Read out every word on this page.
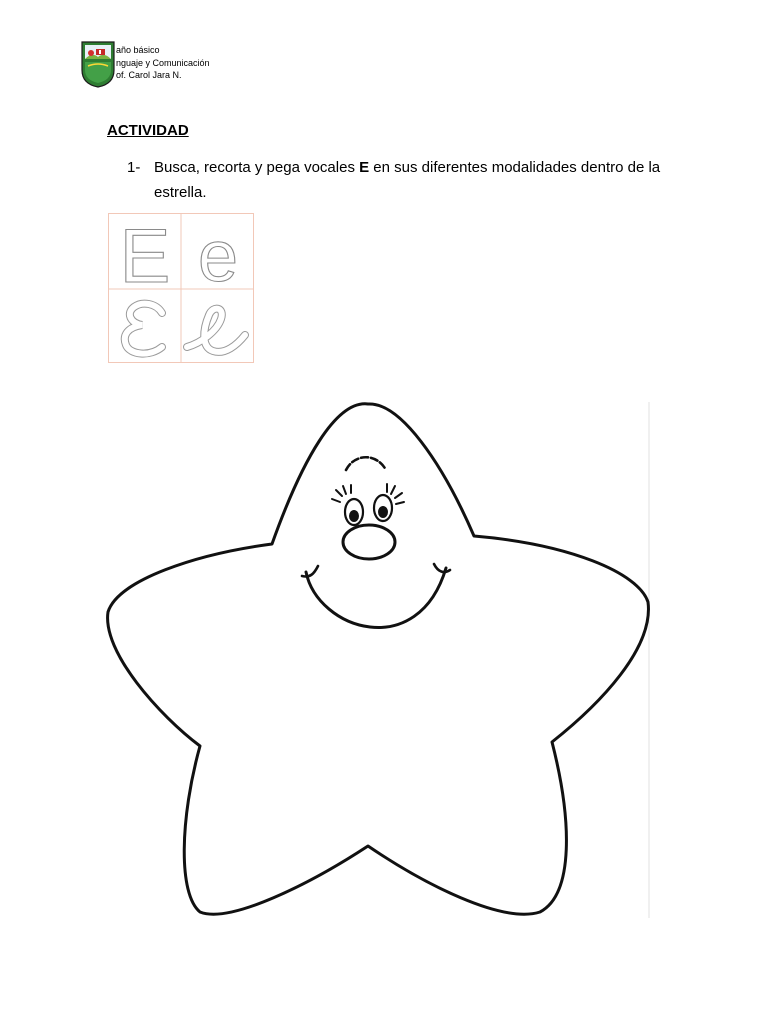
año básico
nguaje y Comunicación
of. Carol Jara N.
ACTIVIDAD
1- Busca, recorta y pega vocales E en sus diferentes modalidades dentro de la estrella.
E e
